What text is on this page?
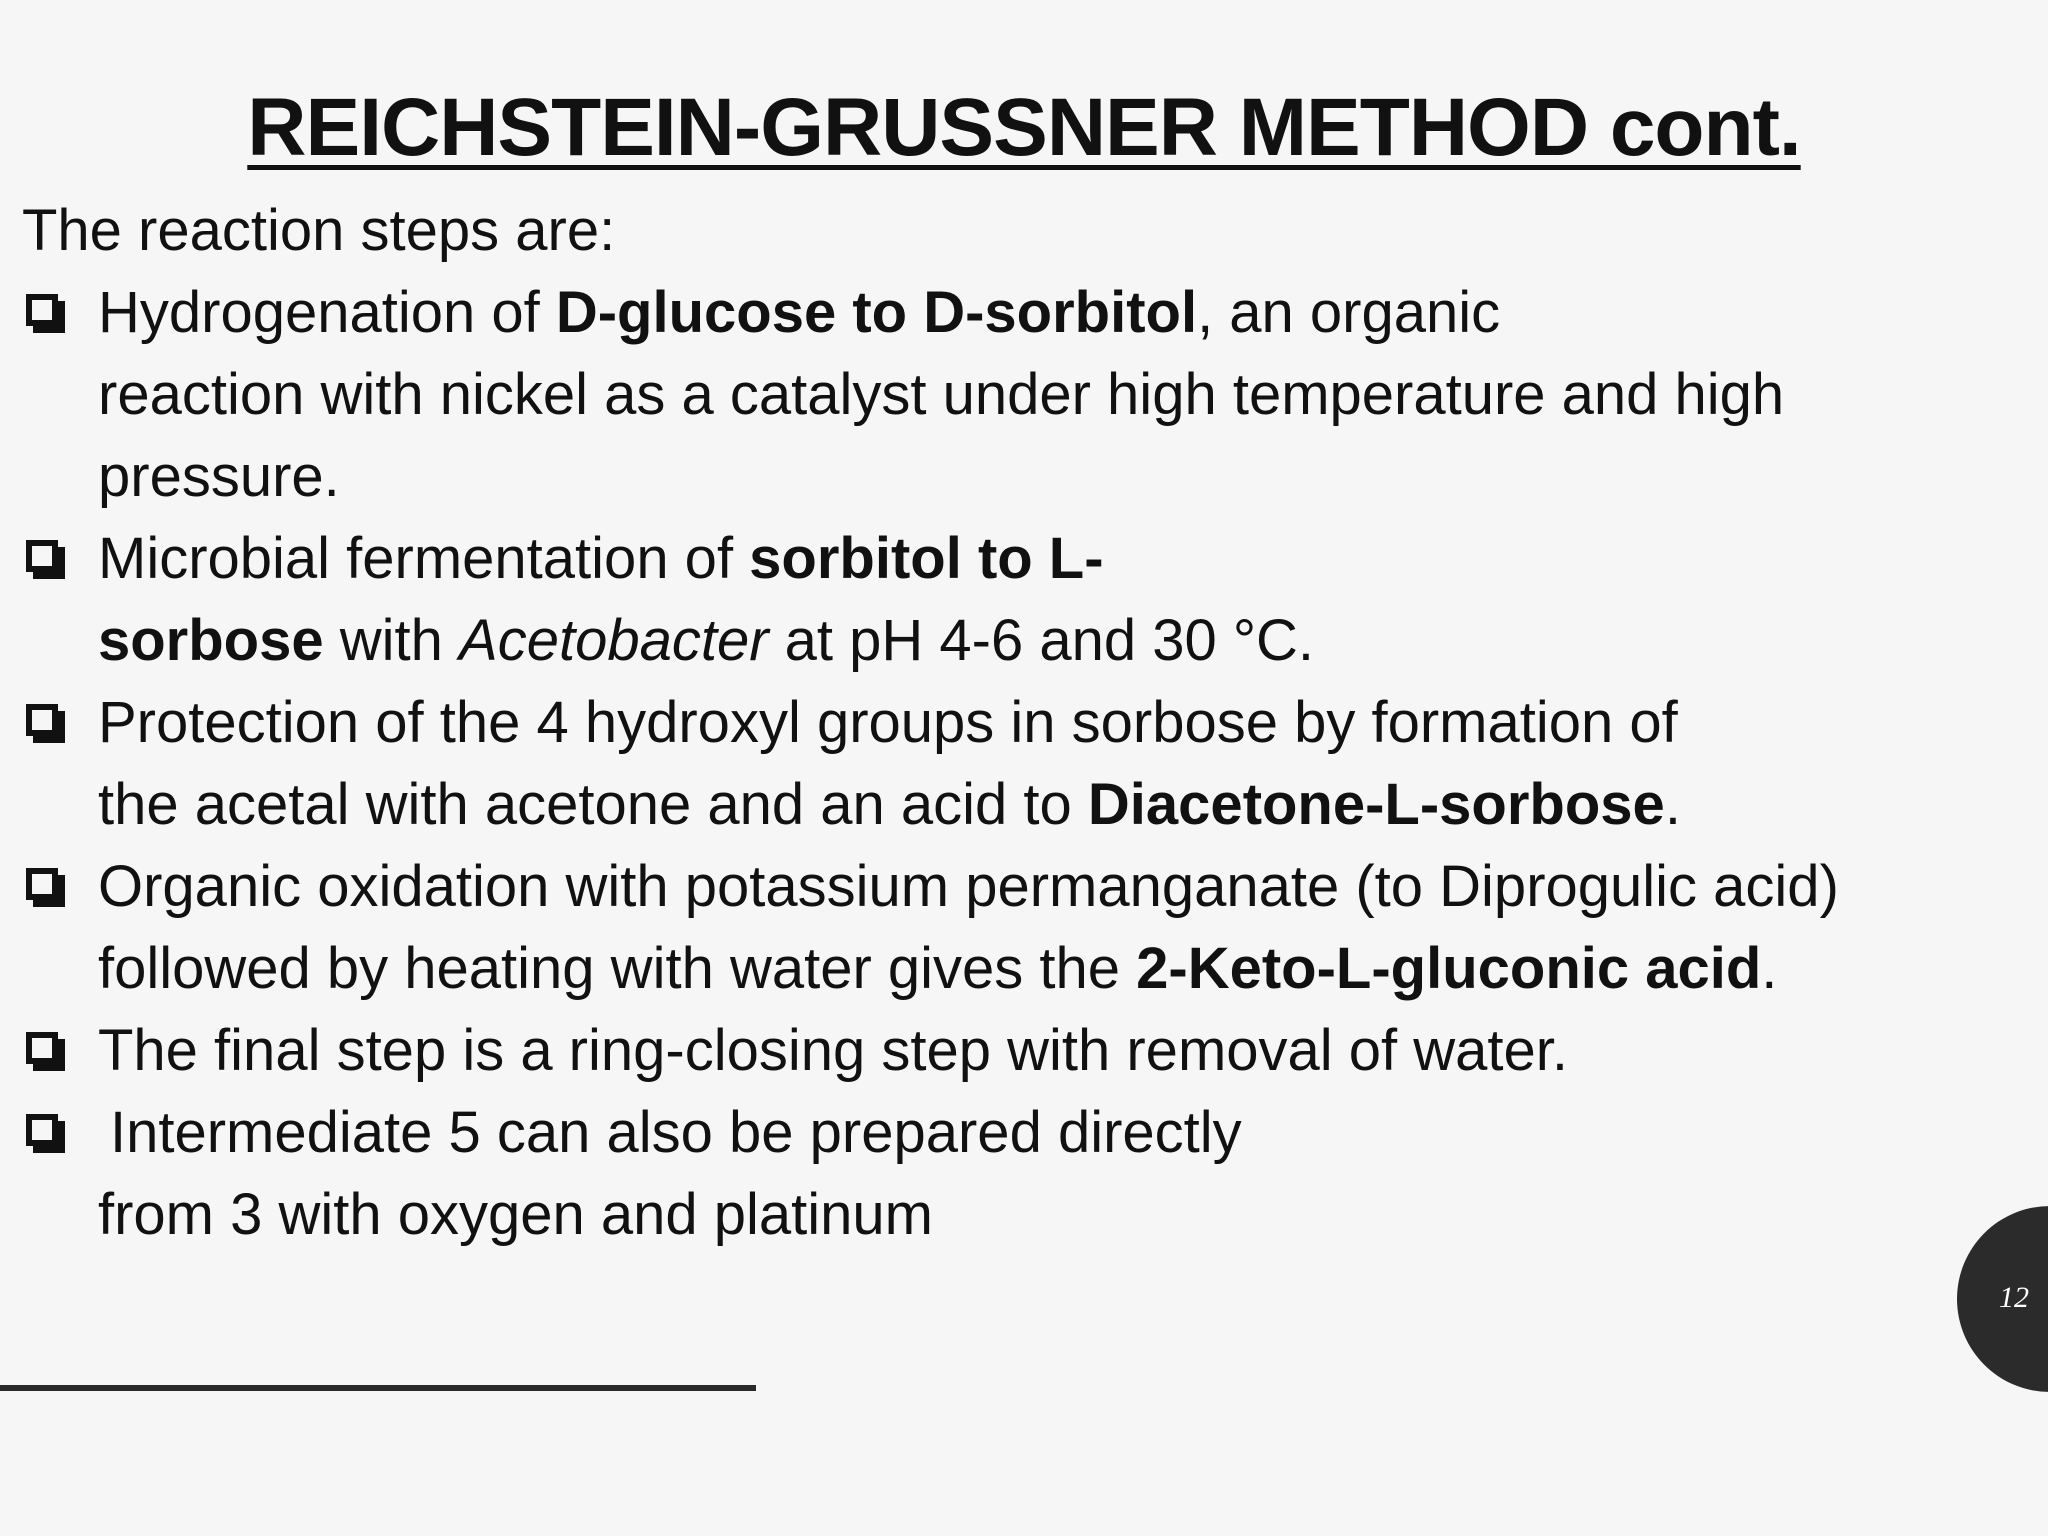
REICHSTEIN-GRUSSNER METHOD cont.
The reaction steps are:
Hydrogenation of D-glucose to D-sorbitol, an organic
reaction with nickel as a catalyst under high temperature and high
pressure.
Microbial fermentation of sorbitol to L-
sorbose with Acetobacter at pH 4-6 and 30 °C.
Protection of the 4 hydroxyl groups in sorbose by formation of
the acetal with acetone and an acid to Diacetone-L-sorbose.
Organic oxidation with potassium permanganate (to Diprogulic acid)
followed by heating with water gives the 2-Keto-L-gluconic acid.
The final step is a ring-closing step with removal of water.
Intermediate 5 can also be prepared directly
from 3 with oxygen and platinum
12
